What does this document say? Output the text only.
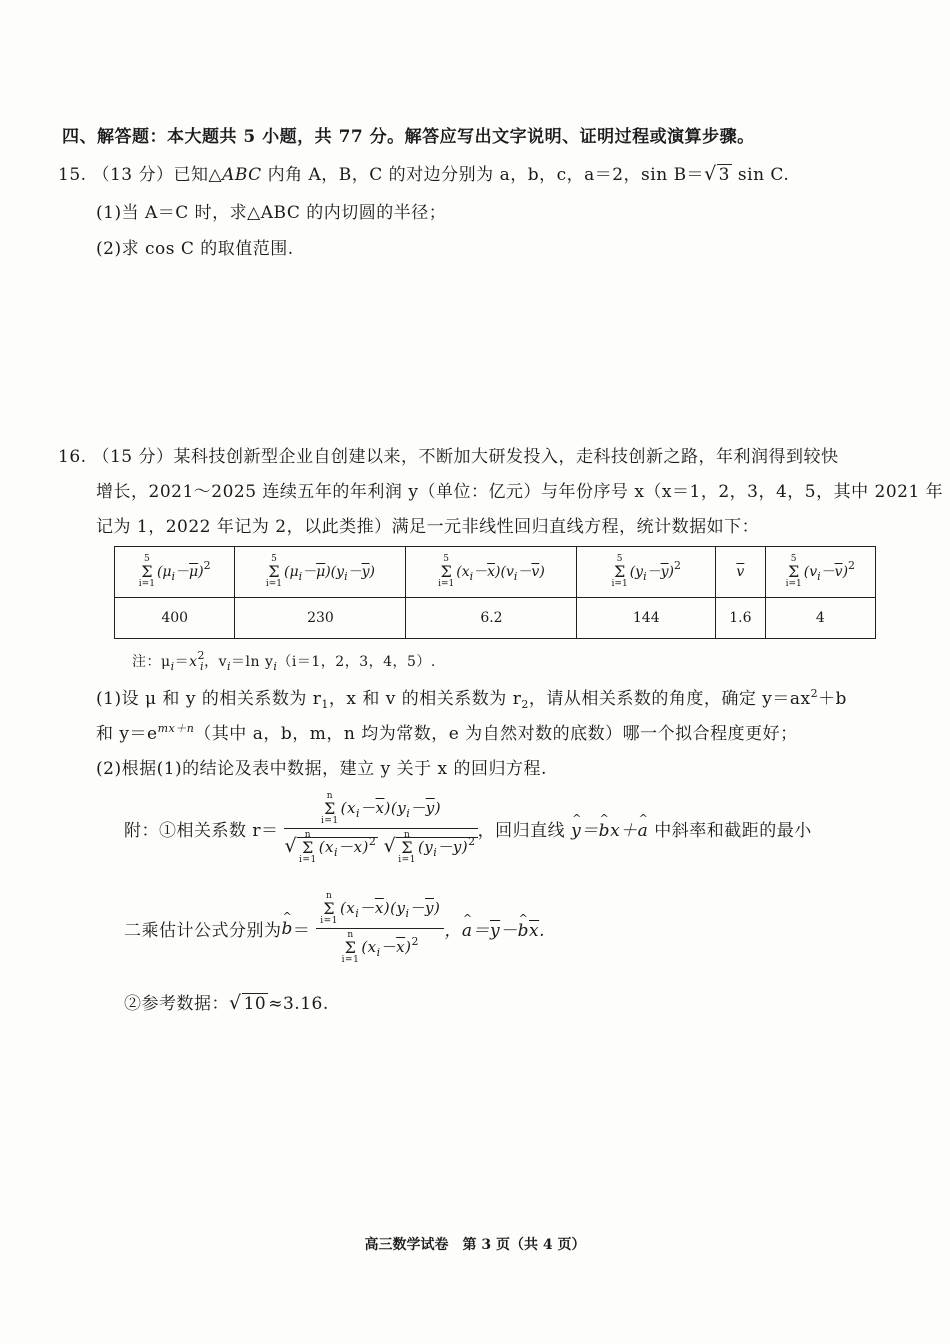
四、解答题：本大题共 5 小题，共 77 分。解答应写出文字说明、证明过程或演算步骤。
15. （13 分）已知△ABC 内角 A，B，C 的对边分别为 a，b，c，a＝2，sin B＝√ 3 sin C.
(1)当 A＝C 时，求△ABC 的内切圆的半径；
(2)求 cos C 的取值范围.
16. （15 分）某科技创新型企业自创建以来，不断加大研发投入，走科技创新之路，年利润得到较快
增长，2021～2025 连续五年的年利润 y（单位：亿元）与年份序号 x（x＝1，2，3，4，5，其中 2021 年
记为 1，2022 年记为 2，以此类推）满足一元非线性回归直线方程，统计数据如下：
5
Σ
i=1
$(\mu_i-\overline{\mu})^2$	5
Σ
i=1
$(\mu_i-\overline{\mu})(y_i-\overline{y})$	5
Σ
i=1
$(x_i-\overline{x})(v_i-\overline{v})$	5
Σ
i=1
$(y_i-\overline{y})^2$	$\overline{v}$	5
Σ
i=1
$(v_i-\overline{v})^2$
400	230	6.2	144	1.6	4
注：$\mu_i=x^2_i$，$v_i=\ln$ $y_i(i=1$，2，3，4，5）.
(1)设 μ 和 y 的相关系数为 $r_1$，x 和 v 的相关系数为 $r_2$，请从相关系数的角度，确定 $y=ax^2+b$
和 $y=e^{mx+n}$（其中 a，b，m，n 均为常数，e 为自然对数的底数）哪一个拟合程度更好；
(2)根据(1)的结论及表中数据，建立 y 关于 x 的回归方程.
附：①相关系数 r＝ n
Σ
i=1
$(x_i-\overline{x})(y_i-\overline{y})$
√ n
Σ
i=1
$(x_i-\overline{x})^2$ √ n
Σ
i=1
$(y_i-\overline{y})^2$ ，回归直线 y ^＝b ^x＋a ^ 中斜率和截距的最小
二乘估计公式分别为b ^＝ n
Σ
i=1
$(x_i-\overline{x})(y_i-\overline{y})$
n
Σ
i=1
$(x_i-\overline{x})^2$ ，a $\^{}=\overline{y}-b$ $\^{}\overline{x}$.
②参考数据：√ 10 ≈3.16.
高三数学试卷　第 3 页（共 4 页）
